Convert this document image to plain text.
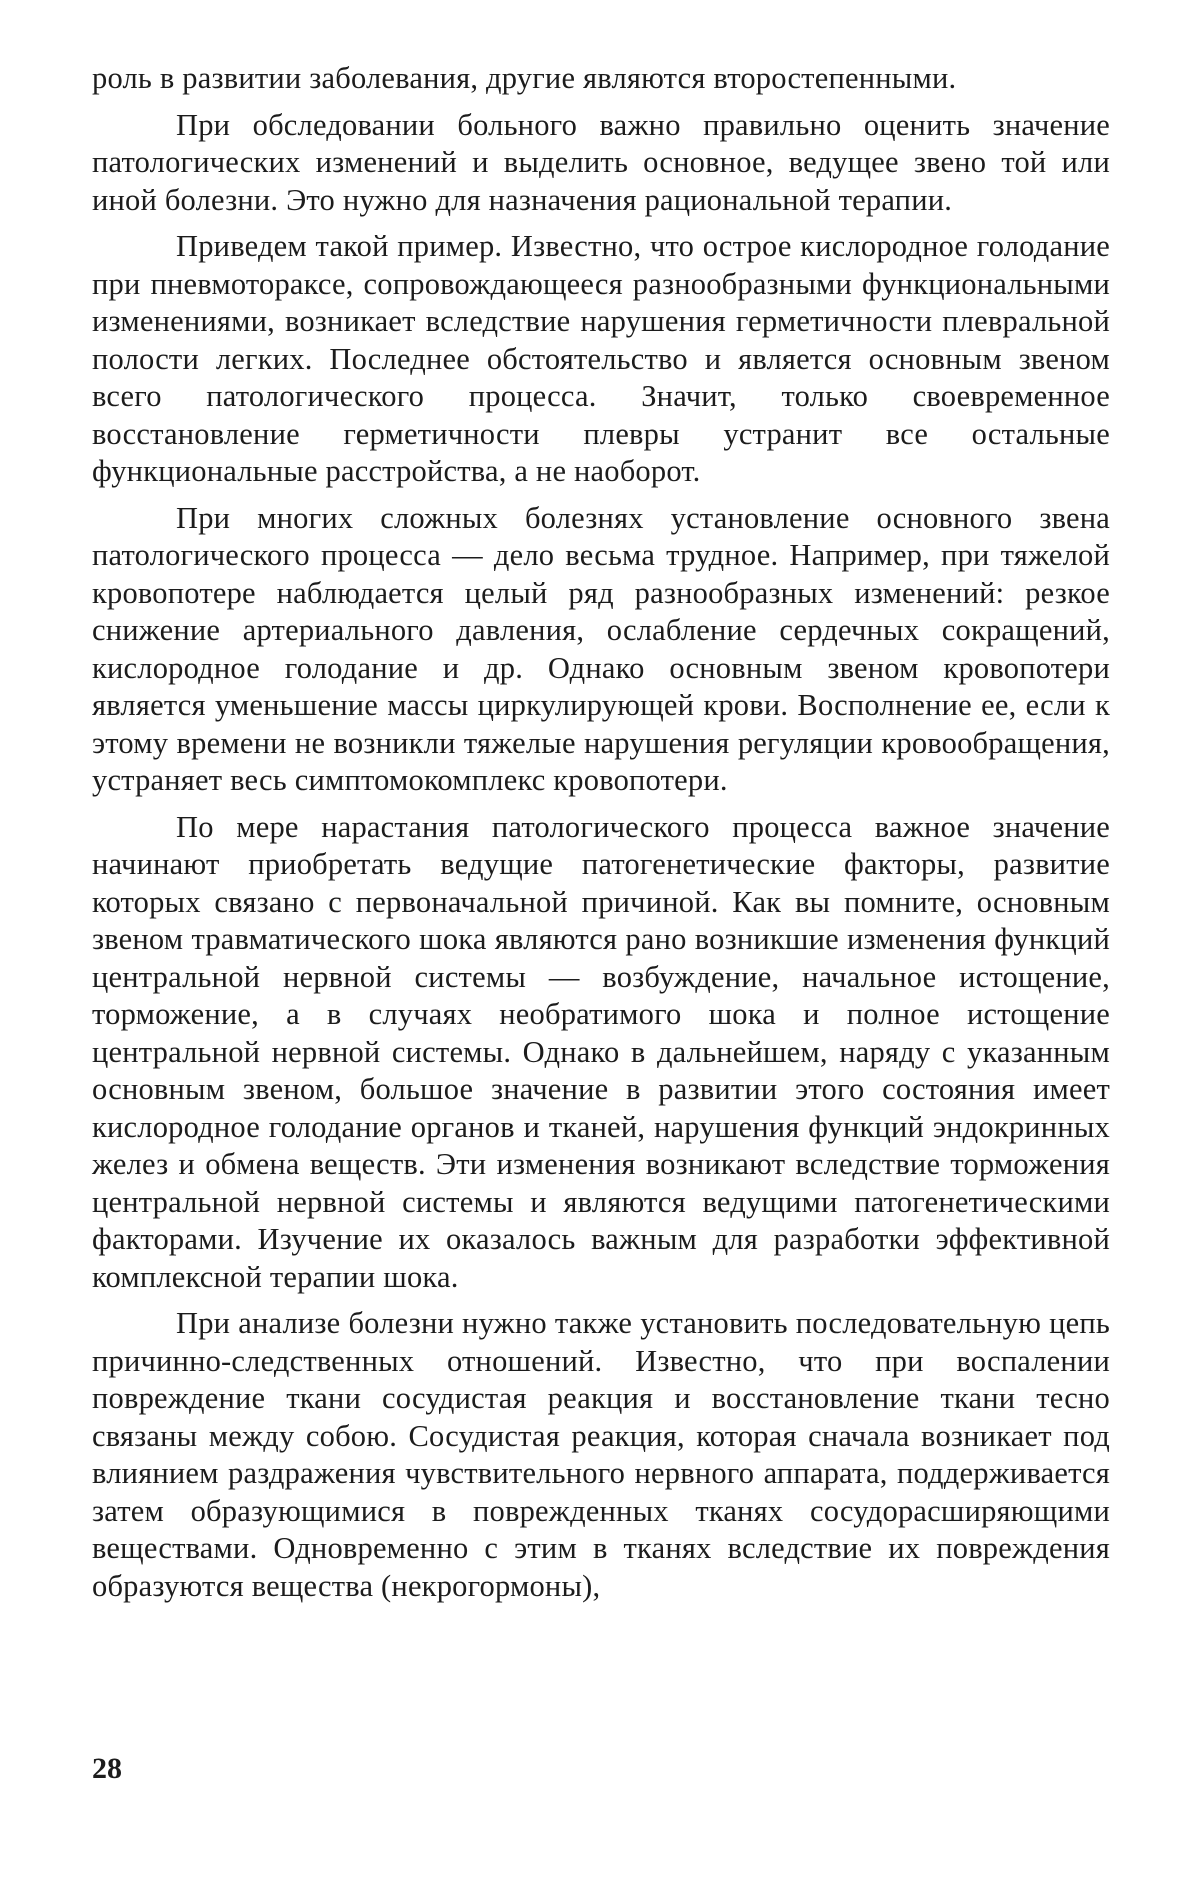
роль в развитии заболевания, другие являются второстепенными.

При обследовании больного важно правильно оценить значение патологических изменений и выделить основное, ведущее звено той или иной болезни. Это нужно для назначения рациональной терапии.

Приведем такой пример. Известно, что острое кислородное голодание при пневмотораксе, сопровождающееся разнообразными функциональными изменениями, возникает вследствие нарушения герметичности плевральной полости легких. Последнее обстоятельство и является основным звеном всего патологического процесса. Значит, только своевременное восстановление герметичности плевры устранит все остальные функциональные расстройства, а не наоборот.

При многих сложных болезнях установление основного звена патологического процесса — дело весьма трудное. Например, при тяжелой кровопотере наблюдается целый ряд разнообразных изменений: резкое снижение артериального давления, ослабление сердечных сокращений, кислородное голодание и др. Однако основным звеном кровопотери является уменьшение массы циркулирующей крови. Восполнение ее, если к этому времени не возникли тяжелые нарушения регуляции кровообращения, устраняет весь симптомокомплекс кровопотери.

По мере нарастания патологического процесса важное значение начинают приобретать ведущие патогенетические факторы, развитие которых связано с первоначальной причиной. Как вы помните, основным звеном травматического шока являются рано возникшие изменения функций центральной нервной системы — возбуждение, начальное истощение, торможение, а в случаях необратимого шока и полное истощение центральной нервной системы. Однако в дальнейшем, наряду с указанным основным звеном, большое значение в развитии этого состояния имеет кислородное голодание органов и тканей, нарушения функций эндокринных желез и обмена веществ. Эти изменения возникают вследствие торможения центральной нервной системы и являются ведущими патогенетическими факторами. Изучение их оказалось важным для разработки эффективной комплексной терапии шока.

При анализе болезни нужно также установить последовательную цепь причинно-следственных отношений. Известно, что при воспалении повреждение ткани сосудистая реакция и восстановление ткани тесно связаны между собою. Сосудистая реакция, которая сначала возникает под влиянием раздражения чувствительного нервного аппарата, поддерживается затем образующимися в поврежденных тканях сосудорасширяющими веществами. Одновременно с этим в тканях вследствие их повреждения образуются вещества (некрогормоны),

28
